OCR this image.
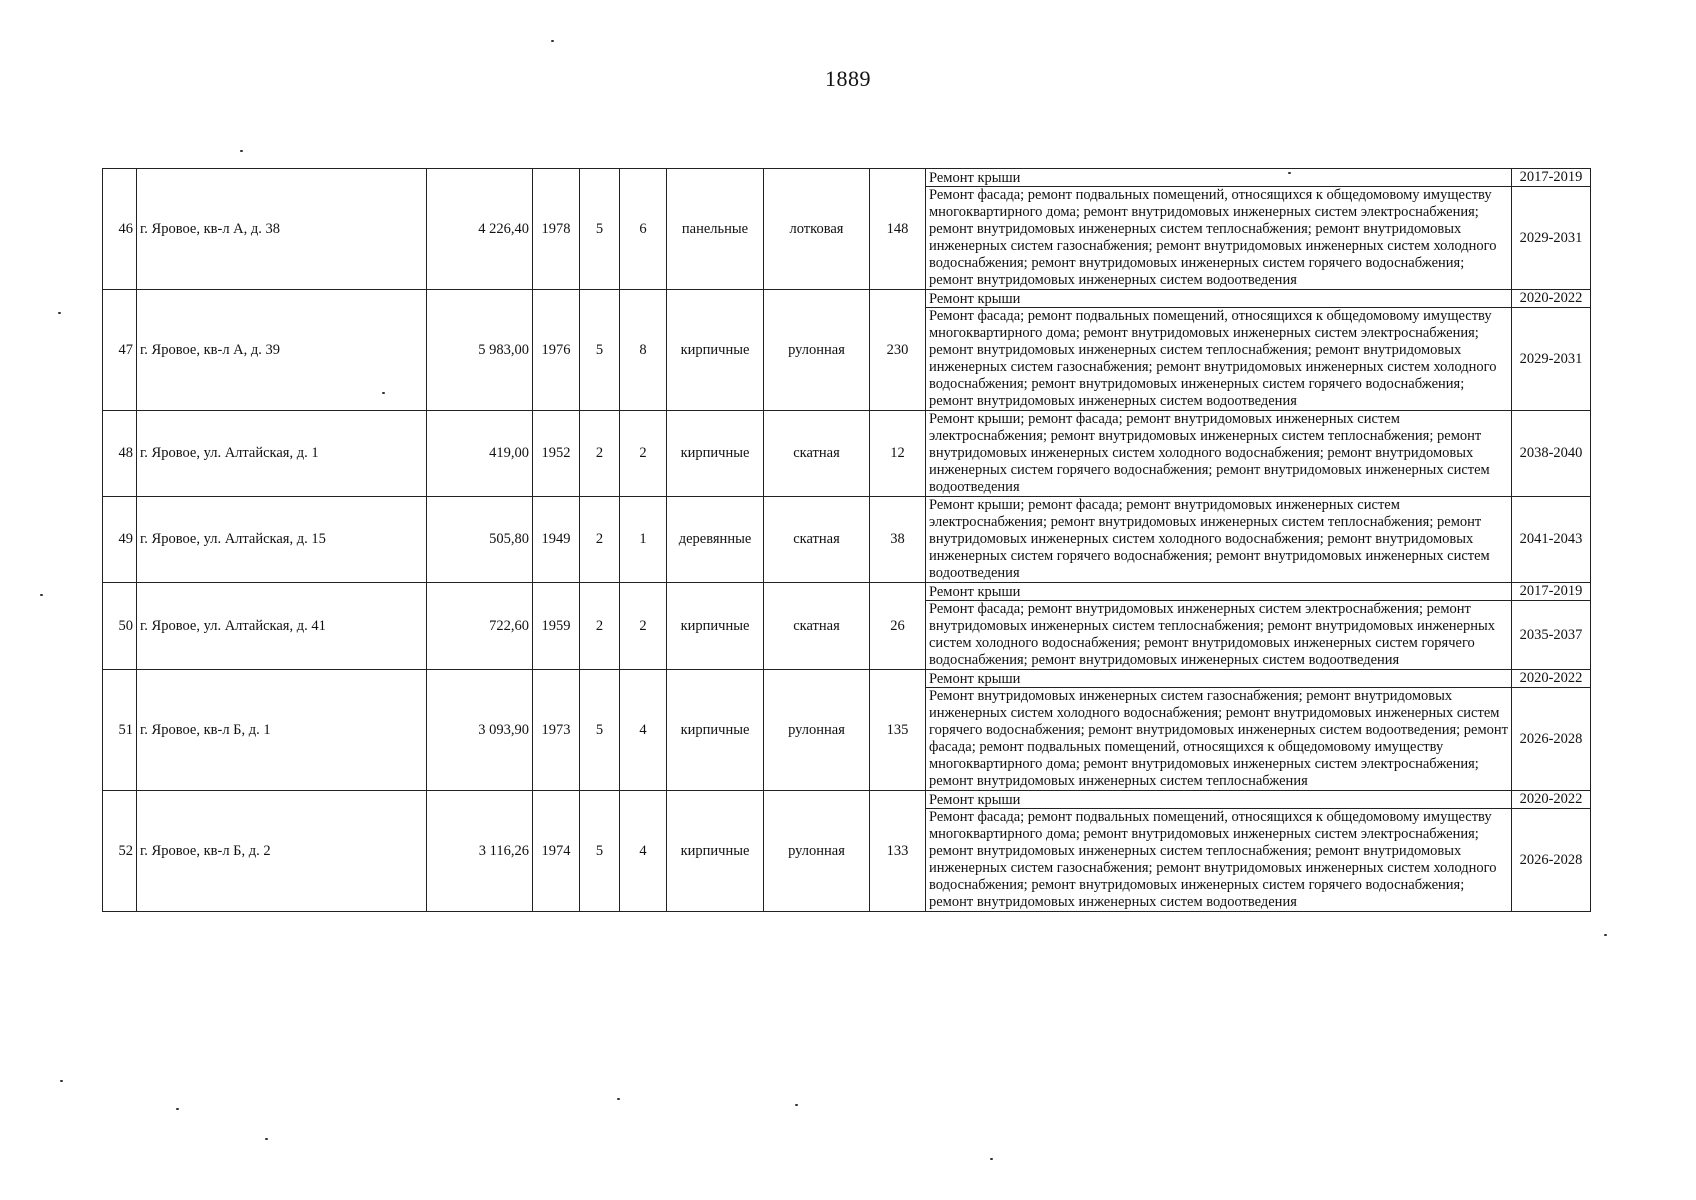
1889
46	г. Яровое, кв-л А, д. 38	4 226,40	1978	5	6	панельные	лотковая	148	Ремонт крыши	2017-2019
									Ремонт фасада; ремонт подвальных помещений, относящихся к общедомовому имуществу многоквартирного дома; ремонт внутридомовых инженерных систем электроснабжения; ремонт внутридомовых инженерных систем теплоснабжения; ремонт внутридомовых инженерных систем газоснабжения; ремонт внутридомовых инженерных систем холодного водоснабжения; ремонт внутридомовых инженерных систем горячего водоснабжения; ремонт внутридомовых инженерных систем водоотведения	2029-2031
47	г. Яровое, кв-л А, д. 39	5 983,00	1976	5	8	кирпичные	рулонная	230	Ремонт крыши	2020-2022
									Ремонт фасада; ремонт подвальных помещений, относящихся к общедомовому имуществу многоквартирного дома; ремонт внутридомовых инженерных систем электроснабжения; ремонт внутридомовых инженерных систем теплоснабжения; ремонт внутридомовых инженерных систем газоснабжения; ремонт внутридомовых инженерных систем холодного водоснабжения; ремонт внутридомовых инженерных систем горячего водоснабжения; ремонт внутридомовых инженерных систем водоотведения	2029-2031
48	г. Яровое, ул. Алтайская, д. 1	419,00	1952	2	2	кирпичные	скатная	12	Ремонт крыши; ремонт фасада; ремонт внутридомовых инженерных систем электроснабжения; ремонт внутридомовых инженерных систем теплоснабжения; ремонт внутридомовых инженерных систем холодного водоснабжения; ремонт внутридомовых инженерных систем горячего водоснабжения; ремонт внутридомовых инженерных систем водоотведения	2038-2040
49	г. Яровое, ул. Алтайская, д. 15	505,80	1949	2	1	деревянные	скатная	38	Ремонт крыши; ремонт фасада; ремонт внутридомовых инженерных систем электроснабжения; ремонт внутридомовых инженерных систем теплоснабжения; ремонт внутридомовых инженерных систем холодного водоснабжения; ремонт внутридомовых инженерных систем горячего водоснабжения; ремонт внутридомовых инженерных систем водоотведения	2041-2043
50	г. Яровое, ул. Алтайская, д. 41	722,60	1959	2	2	кирпичные	скатная	26	Ремонт крыши	2017-2019
									Ремонт фасада; ремонт внутридомовых инженерных систем электроснабжения; ремонт внутридомовых инженерных систем теплоснабжения; ремонт внутридомовых инженерных систем холодного водоснабжения; ремонт внутридомовых инженерных систем горячего водоснабжения; ремонт внутридомовых инженерных систем водоотведения	2035-2037
51	г. Яровое, кв-л Б, д. 1	3 093,90	1973	5	4	кирпичные	рулонная	135	Ремонт крыши	2020-2022
									Ремонт внутридомовых инженерных систем газоснабжения; ремонт внутридомовых инженерных систем холодного водоснабжения; ремонт внутридомовых инженерных систем горячего водоснабжения; ремонт внутридомовых инженерных систем водоотведения; ремонт фасада; ремонт подвальных помещений, относящихся к общедомовому имуществу многоквартирного дома; ремонт внутридомовых инженерных систем электроснабжения; ремонт внутридомовых инженерных систем теплоснабжения	2026-2028
52	г. Яровое, кв-л Б, д. 2	3 116,26	1974	5	4	кирпичные	рулонная	133	Ремонт крыши	2020-2022
									Ремонт фасада; ремонт подвальных помещений, относящихся к общедомовому имуществу многоквартирного дома; ремонт внутридомовых инженерных систем электроснабжения; ремонт внутридомовых инженерных систем теплоснабжения; ремонт внутридомовых инженерных систем газоснабжения; ремонт внутридомовых инженерных систем холодного водоснабжения; ремонт внутридомовых инженерных систем горячего водоснабжения; ремонт внутридомовых инженерных систем водоотведения	2026-2028
